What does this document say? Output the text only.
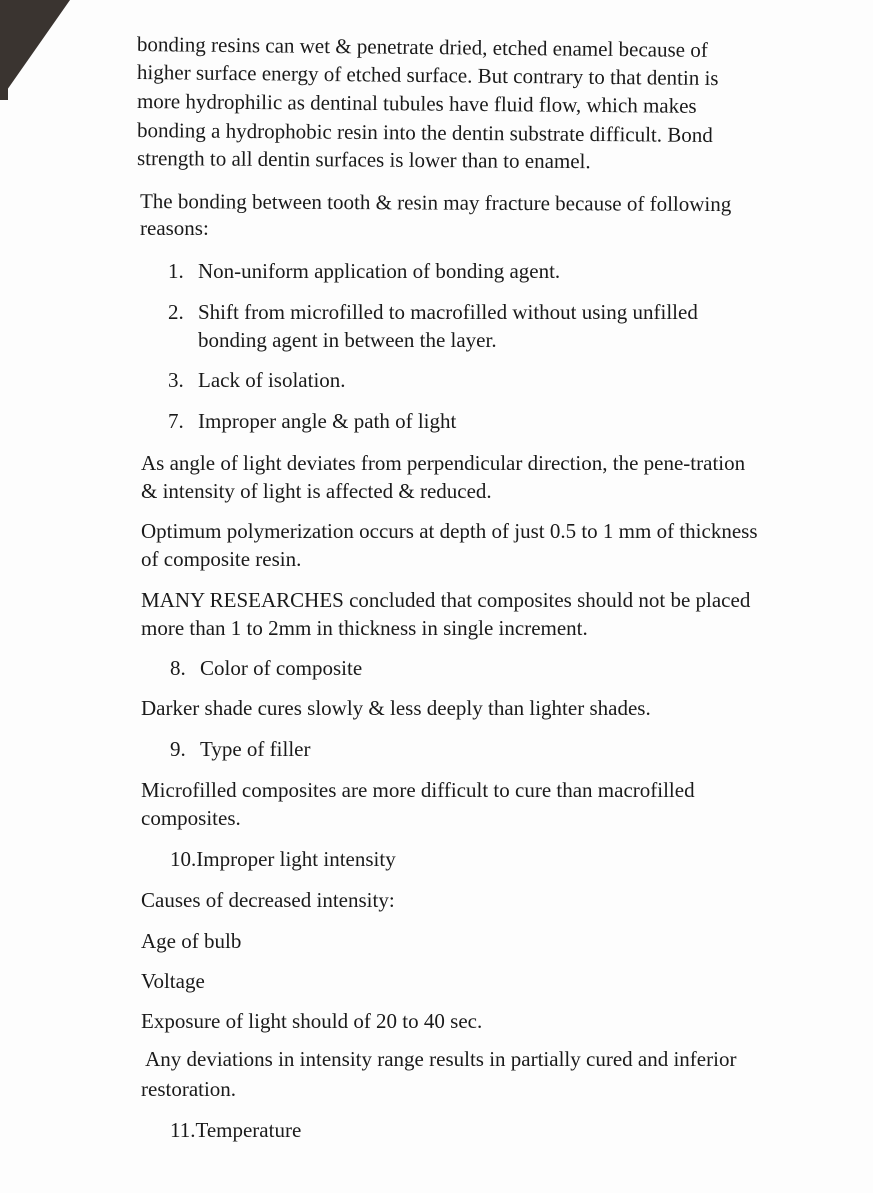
bonding resins can wet & penetrate dried, etched enamel because of
higher surface energy of etched surface. But contrary to that dentin is
more hydrophilic as dentinal tubules have fluid flow, which makes
bonding a hydrophobic resin into the dentin substrate difficult. Bond
strength to all dentin surfaces is lower than to enamel.
The bonding between tooth & resin may fracture because of following
reasons:
1. Non-uniform application of bonding agent.
2. Shift from microfilled to macrofilled without using unfilled
bonding agent in between the layer.
3. Lack of isolation.
7. Improper angle & path of light
As angle of light deviates from perpendicular direction, the pene-tration
& intensity of light is affected & reduced.
Optimum polymerization occurs at depth of just 0.5 to 1 mm of thickness
of composite resin.
MANY RESEARCHES concluded that composites should not be placed
more than 1 to 2mm in thickness in single increment.
8. Color of composite
Darker shade cures slowly & less deeply than lighter shades.
9. Type of filler
Microfilled composites are more difficult to cure than macrofilled
composites.
10.Improper light intensity
Causes of decreased intensity:
Age of bulb
Voltage
Exposure of light should of 20 to 40 sec.
Any deviations in intensity range results in partially cured and inferior
restoration.
11.Temperature
